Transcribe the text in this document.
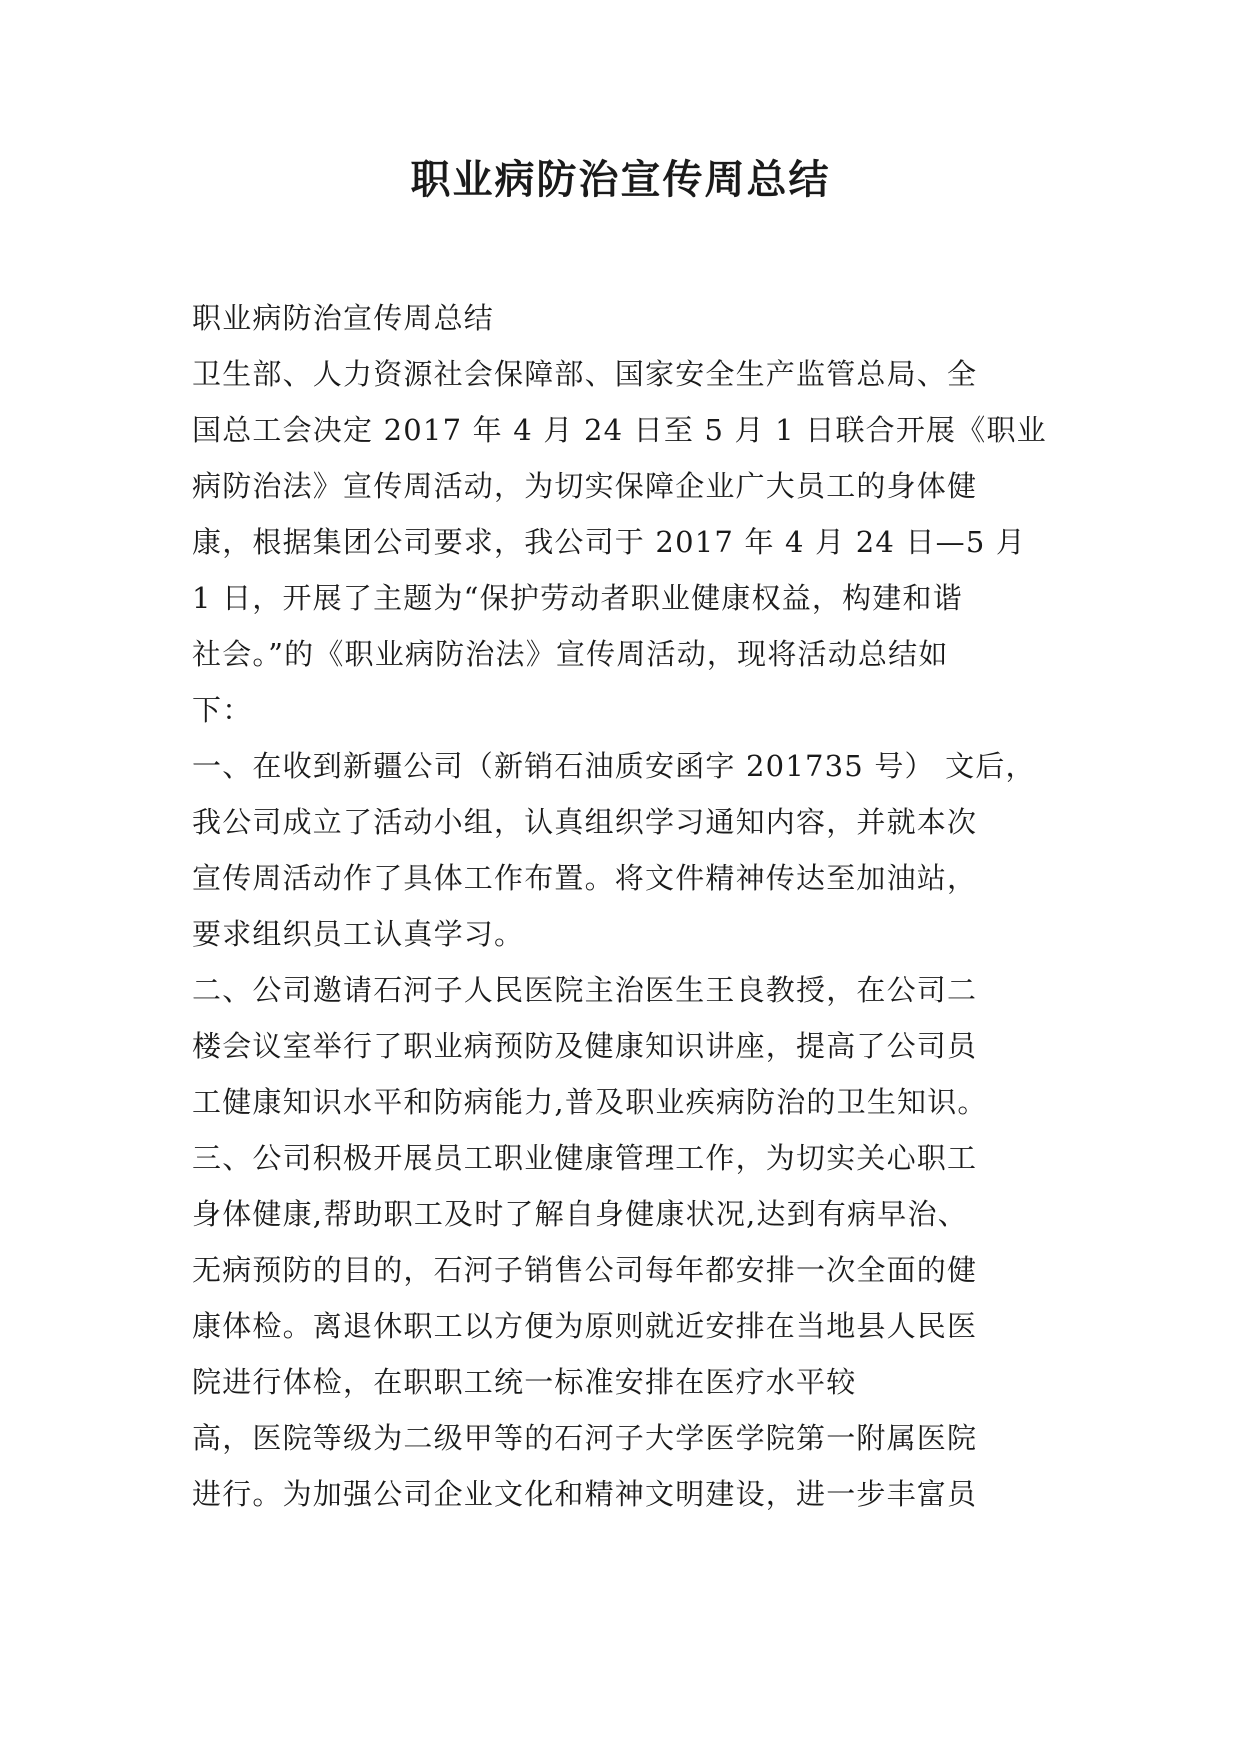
职业病防治宣传周总结
职业病防治宣传周总结
卫生部、人力资源社会保障部、国家安全生产监管总局、全
国总工会决定 2017 年 4 月 24 日至 5 月 1 日联合开展《职业
病防治法》宣传周活动，为切实保障企业广大员工的身体健
康，根据集团公司要求，我公司于 2017 年 4 月 24 日—5 月
1 日，开展了主题为“保护劳动者职业健康权益，构建和谐
社会。”的《职业病防治法》宣传周活动，现将活动总结如
下：
一、在收到新疆公司（新销石油质安函字 201735 号） 文后，
我公司成立了活动小组，认真组织学习通知内容，并就本次
宣传周活动作了具体工作布置。将文件精神传达至加油站，
要求组织员工认真学习。
二、公司邀请石河子人民医院主治医生王良教授，在公司二
楼会议室举行了职业病预防及健康知识讲座，提高了公司员
工健康知识水平和防病能力,普及职业疾病防治的卫生知识。
三、公司积极开展员工职业健康管理工作，为切实关心职工
身体健康,帮助职工及时了解自身健康状况,达到有病早治、
无病预防的目的，石河子销售公司每年都安排一次全面的健
康体检。离退休职工以方便为原则就近安排在当地县人民医
院进行体检，在职职工统一标准安排在医疗水平较
高，医院等级为二级甲等的石河子大学医学院第一附属医院
进行。为加强公司企业文化和精神文明建设，进一步丰富员
